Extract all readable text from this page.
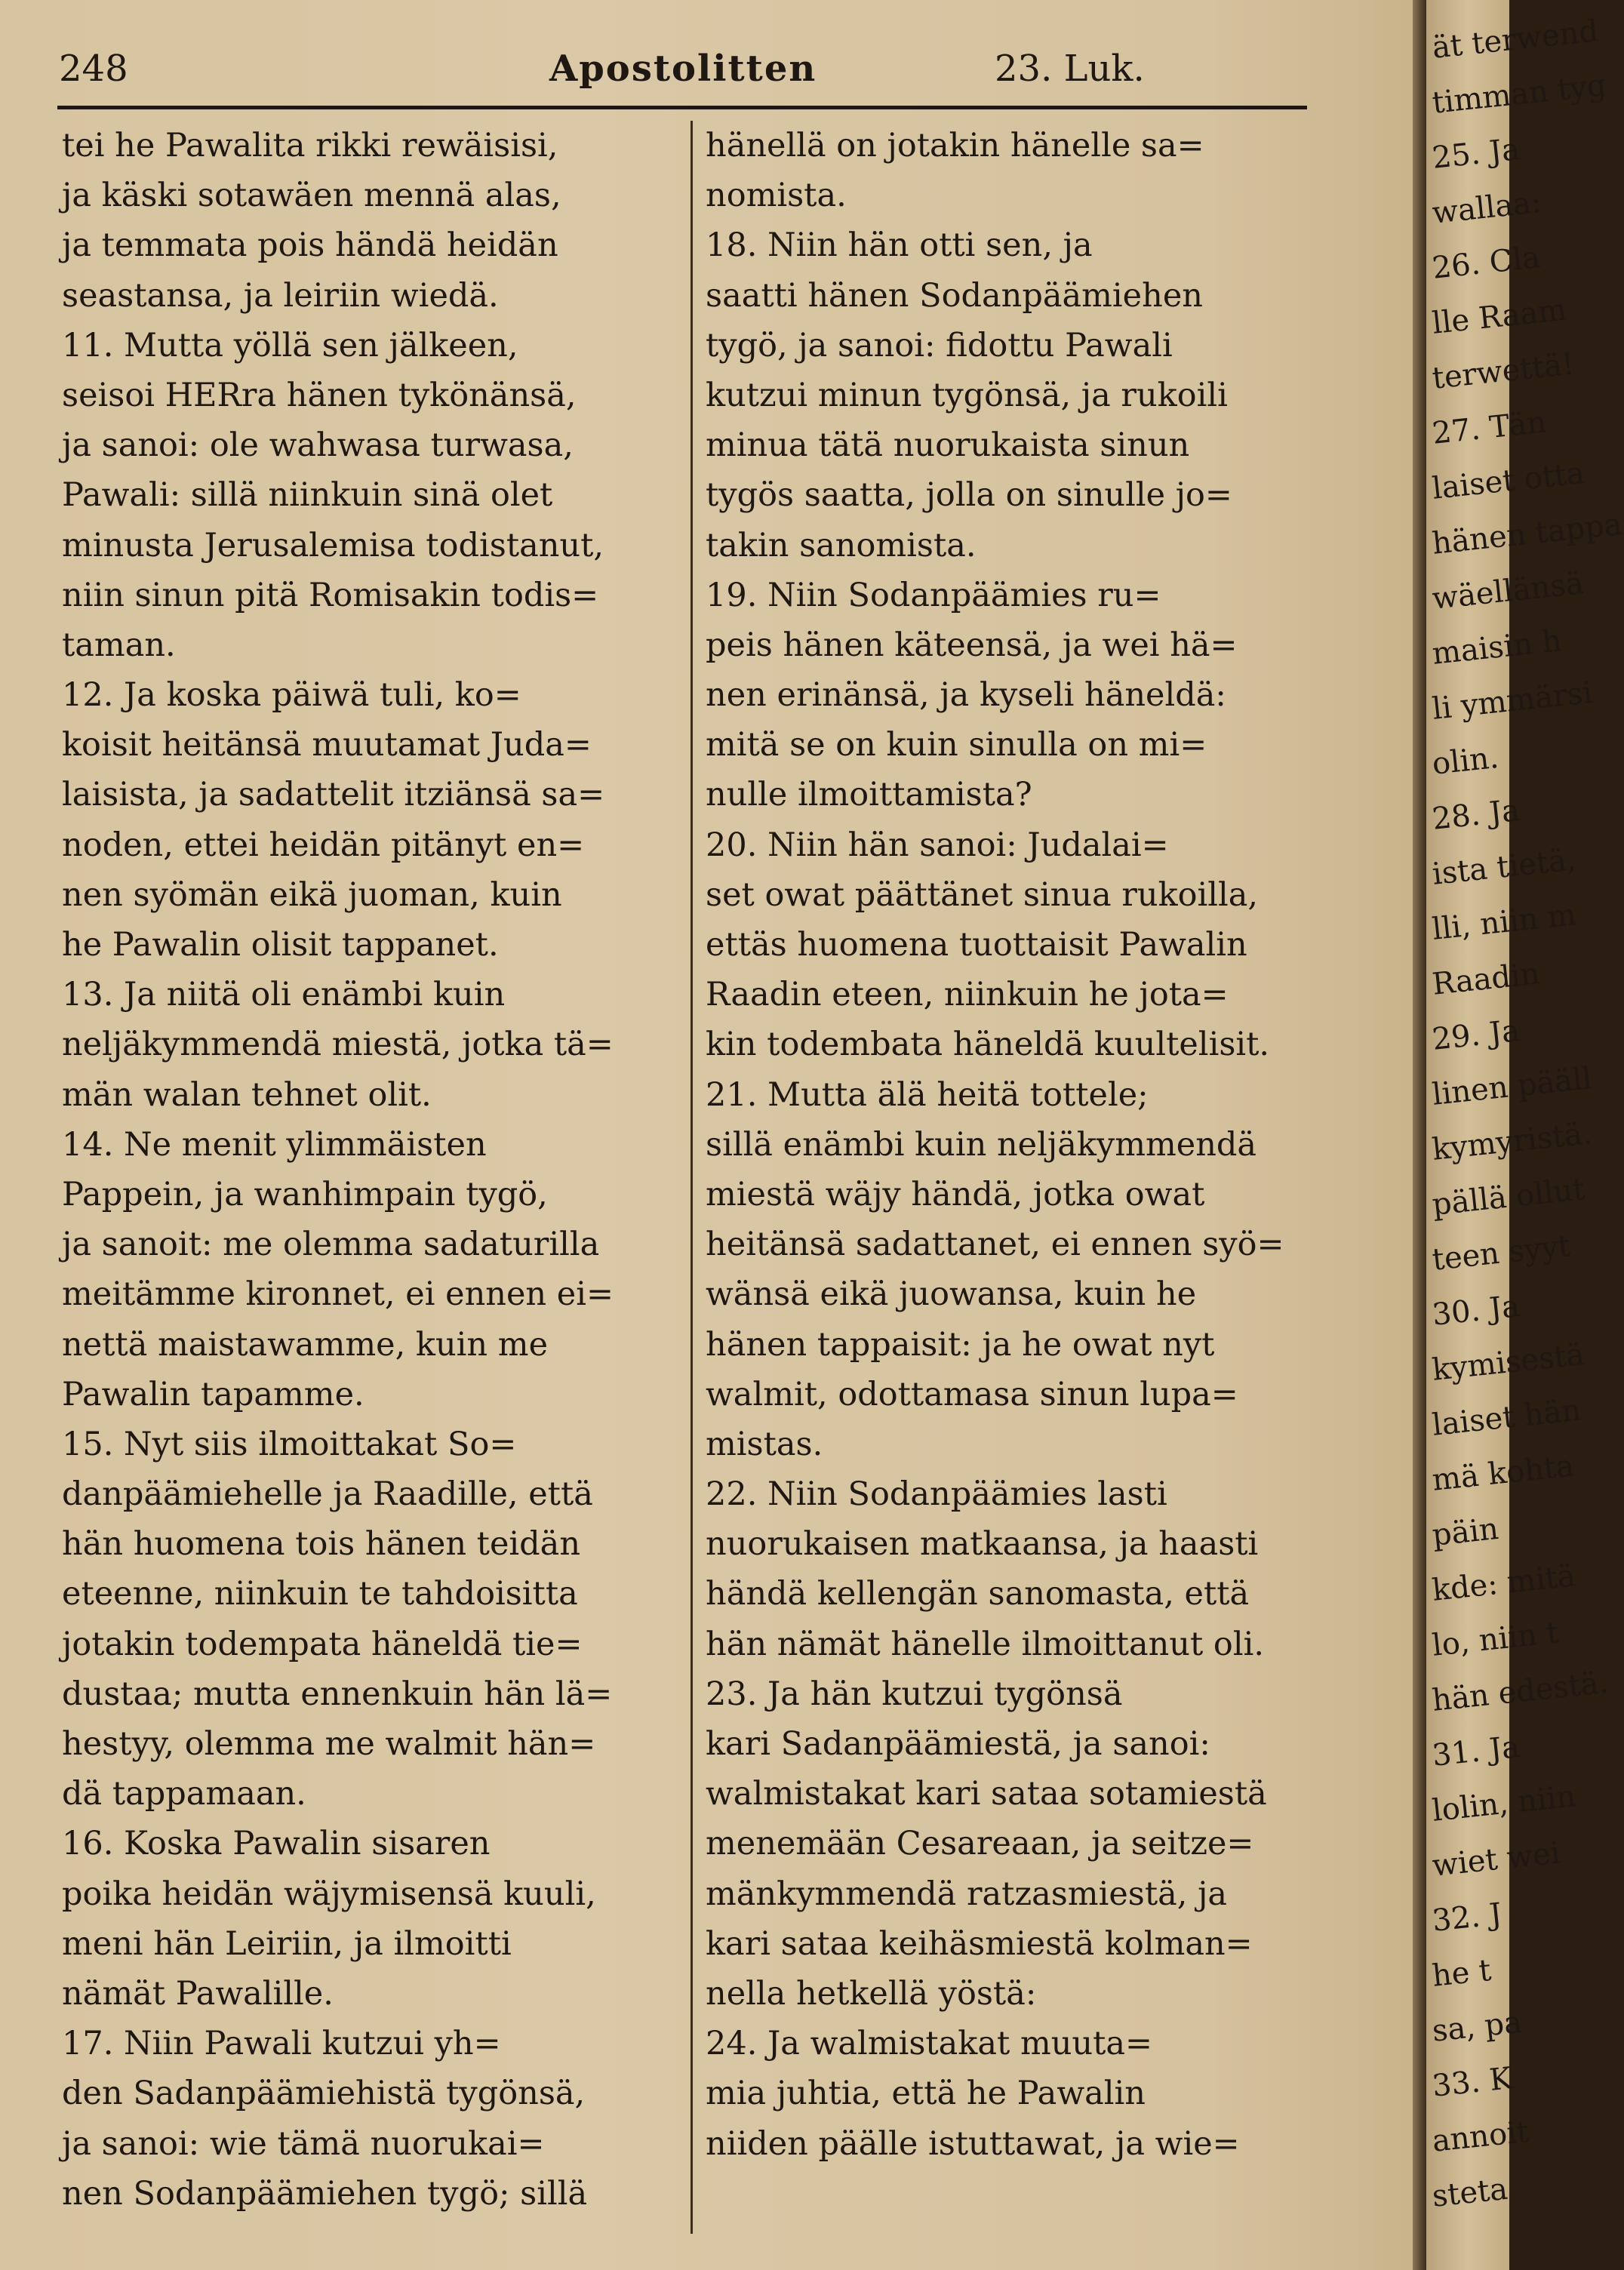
248	Apostolitten	23. Luk.
tei he Pawalita rikki rewäisisi,
ja käski sotawäen mennä alas,
ja temmata pois händä heidän
seastansa, ja leiriin wiedä.
11. Mutta yöllä sen jälkeen,
seisoi HERra hänen tykönänsä,
ja sanoi: ole wahwasa turwasa,
Pawali: sillä niinkuin sinä olet
minusta Jerusalemisa todistanut,
niin sinun pitä Romisakin todis=
taman.
12. Ja koska päiwä tuli, ko=
koisit heitänsä muutamat Juda=
laisista, ja sadattelit itziänsä sa=
noden, ettei heidän pitänyt en=
nen syömän eikä juoman, kuin
he Pawalin olisit tappanet.
13. Ja niitä oli enämbi kuin
neljäkymmendä miestä, jotka tä=
män walan tehnet olit.
14. Ne menit ylimmäisten
Pappein, ja wanhimpain tygö,
ja sanoit: me olemma sadaturilla
meitämme kironnet, ei ennen ei=
nettä maistawamme, kuin me
Pawalin tapamme.
15. Nyt siis ilmoittakat So=
danpäämiehelle ja Raadille, että
hän huomena tois hänen teidän
eteenne, niinkuin te tahdoisitta
jotakin todempata häneldä tie=
dustaa; mutta ennenkuin hän lä=
hestyy, olemma me walmit hän=
dä tappamaan.
16. Koska Pawalin sisaren
poika heidän wäjymisensä kuuli,
meni hän Leiriin, ja ilmoitti
nämät Pawalille.
17. Niin Pawali kutzui yh=
den Sadanpäämiehistä tygönsä,
ja sanoi: wie tämä nuorukai=
nen Sodanpäämiehen tygö; sillä
hänellä on jotakin hänelle sa=
nomista.
18. Niin hän otti sen, ja
saatti hänen Sodanpäämiehen
tygö, ja sanoi: fidottu Pawali
kutzui minun tygönsä, ja rukoili
minua tätä nuorukaista sinun
tygös saatta, jolla on sinulle jo=
takin sanomista.
19. Niin Sodanpäämies ru=
peis hänen käteensä, ja wei hä=
nen erinänsä, ja kyseli häneldä:
mitä se on kuin sinulla on mi=
nulle ilmoittamista?
20. Niin hän sanoi: Judalai=
set owat päättänet sinua rukoilla,
ettäs huomena tuottaisit Pawalin
Raadin eteen, niinkuin he jota=
kin todembata häneldä kuultelisit.
21. Mutta älä heitä tottele;
sillä enämbi kuin neljäkymmendä
miestä wäjy händä, jotka owat
heitänsä sadattanet, ei ennen syö=
wänsä eikä juowansa, kuin he
hänen tappaisit: ja he owat nyt
walmit, odottamasa sinun lupa=
mistas.
22. Niin Sodanpäämies lasti
nuorukaisen matkaansa, ja haasti
händä kellengän sanomasta, että
hän nämät hänelle ilmoittanut oli.
23. Ja hän kutzui tygönsä
kari Sadanpäämiestä, ja sanoi:
walmistakat kari sataa sotamiestä
menemään Cesareaan, ja seitze=
mänkymmendä ratzasmiestä, ja
kari sataa keihäsmiestä kolman=
nella hetkellä yöstä:
24. Ja walmistakat muuta=
mia juhtia, että he Pawalin
niiden päälle istuttawat, ja wie=
ät terwend
timman tyg
25. Ja
wallaa:
26. Cla
lle Raam
terwettä!
27. Tän
laiset otta
hänen tappa
wäellänsä
maisin h
li ymmärsi
olin.
28. Ja
ista tietä,
lli, niin m
Raadin
29. Ja
linen pääll
kymyristä.
pällä ollut
teen syyt
30. Ja
kymisestä
laiset hän
mä kohta
päin
kde: mitä
lo, niin t
hän edestä.
31. Ja
lolin, niin
wiet wei
32. J
he t
sa, pa
33. K
annoit
steta
